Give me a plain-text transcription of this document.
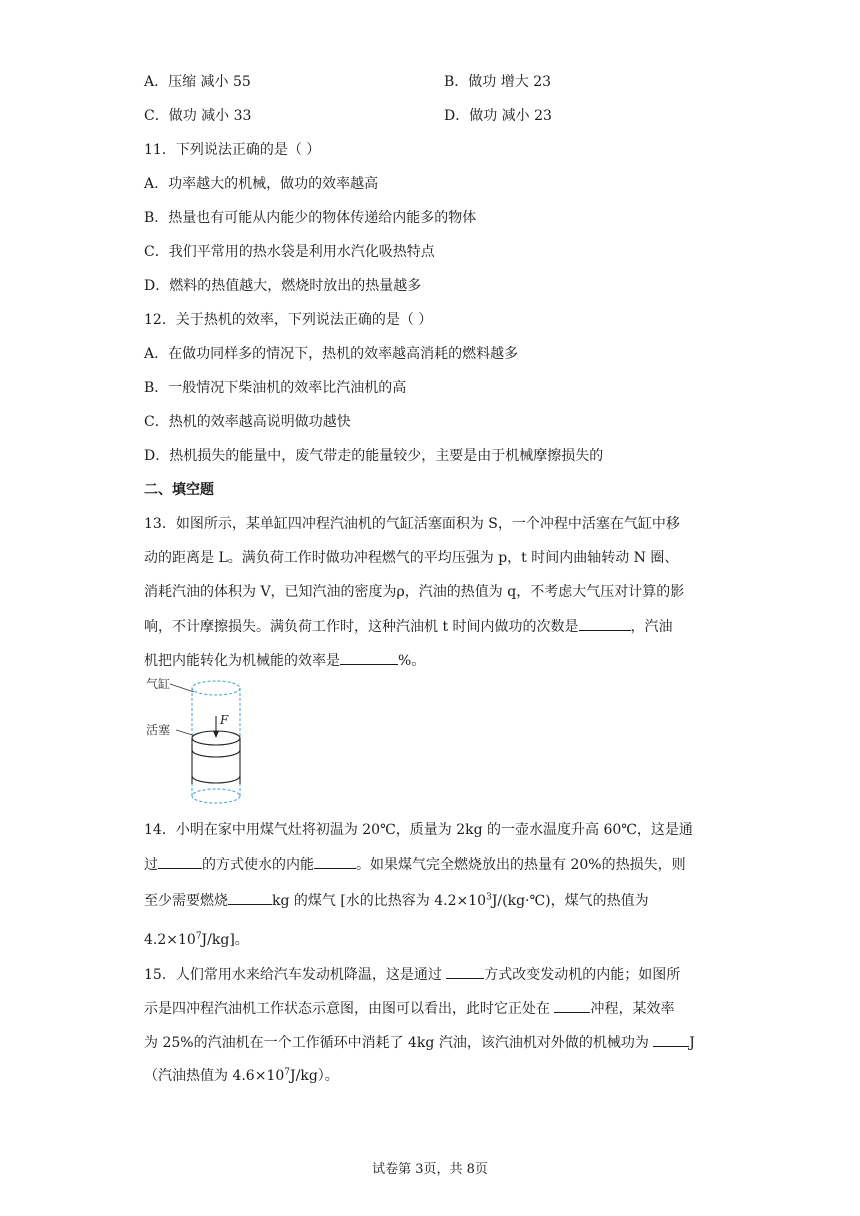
A．压缩 减小 55	B．做功 增大 23
C．做功 减小 33	D．做功 减小 23
11．下列说法正确的是（ ）
A．功率越大的机械，做功的效率越高
B．热量也有可能从内能少的物体传递给内能多的物体
C．我们平常用的热水袋是利用水汽化吸热特点
D．燃料的热值越大，燃烧时放出的热量越多
12．关于热机的效率，下列说法正确的是（ ）
A．在做功同样多的情况下，热机的效率越高消耗的燃料越多
B．一般情况下柴油机的效率比汽油机的高
C．热机的效率越高说明做功越快
D．热机损失的能量中，废气带走的能量较少，主要是由于机械摩擦损失的
二、填空题
13．如图所示，某单缸四冲程汽油机的气缸活塞面积为 S，一个冲程中活塞在气缸中移
动的距离是 L。满负荷工作时做功冲程燃气的平均压强为 p，t 时间内曲轴转动 N 圈、
消耗汽油的体积为 V，已知汽油的密度为ρ，汽油的热值为 q，不考虑大气压对计算的影
响，不计摩擦损失。满负荷工作时，这种汽油机 t 时间内做功的次数是	，汽油
机把内能转化为机械能的效率是	%。
气缸
活塞
F
14．小明在家中用煤气灶将初温为 20℃，质量为 2kg 的一壶水温度升高 60℃，这是通
过	的方式使水的内能	。如果煤气完全燃烧放出的热量有 20%的热损失，则
至少需要燃烧	kg 的煤气 [水的比热容为 $4.2\times 10^3J/(kg\cdot℃)$，煤气的热值为
$4.2\times 10^7J/kg$]。
15．人们常用水来给汽车发动机降温，这是通过	方式改变发动机的内能；如图所
示是四冲程汽油机工作状态示意图，由图可以看出，此时它正处在	冲程，某效率
为 25%的汽油机在一个工作循环中消耗了 4kg 汽油，该汽油机对外做的机械功为	J
（汽油热值为 $4.6\times 10^7J/kg$）。
试卷第 3页，共 8页
